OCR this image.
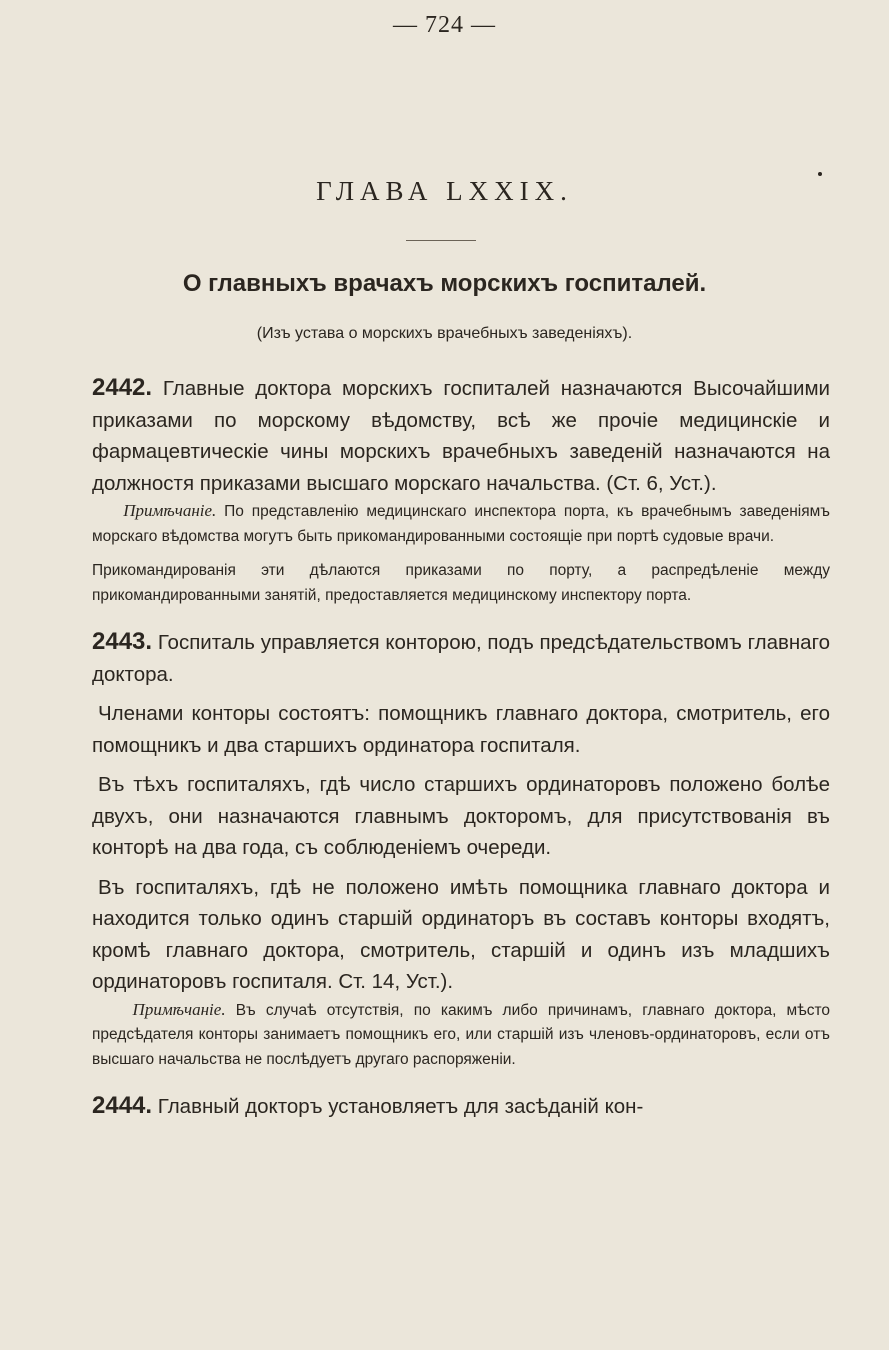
— 724 —
ГЛАВА LXXIX.
О главныхъ врачахъ морскихъ госпиталей.
(Изъ устава о морскихъ врачебныхъ заведеніяхъ).

2442. Главные доктора морскихъ госпиталей назначаются Высочайшими приказами по морскому вѣдомству, всѣ же прочіе медицинскіе и фармацевтическіе чины морскихъ врачебныхъ заведеній назначаются на должностя приказами высшаго морскаго начальства. (Ст. 6, Уст.).

Примѣчаніе. По представленію медицинскаго инспектора порта, къ врачебнымъ заведеніямъ морскаго вѣдомства могутъ быть прикомандированными состоящіе при портѣ судовые врачи.

Прикомандированія эти дѣлаются приказами по порту, а распредѣленіе между прикомандированными занятій, предоставляется медицинскому инспектору порта.

2443. Госпиталь управляется конторою, подъ предсѣдательствомъ главнаго доктора.

Членами конторы состоятъ: помощникъ главнаго доктора, смотритель, его помощникъ и два старшихъ ординатора госпиталя.

Въ тѣхъ госпиталяхъ, гдѣ число старшихъ ординаторовъ положено болѣе двухъ, они назначаются главнымъ докторомъ, для присутствованія въ конторѣ на два года, съ соблюденіемъ очереди.

Въ госпиталяхъ, гдѣ не положено имѣть помощника главнаго доктора и находится только одинъ старшій ординаторъ въ составъ конторы входятъ, кромѣ главнаго доктора, смотритель, старшій и одинъ изъ младшихъ ординаторовъ госпиталя. Ст. 14, Уст.).

Примѣчаніе. Въ случаѣ отсутствія, по какимъ либо причинамъ, главнаго доктора, мѣсто предсѣдателя конторы занимаетъ помощникъ его, или старшій изъ членовъ-ординаторовъ, если отъ высшаго начальства не послѣдуетъ другаго распоряженіи.

2444. Главный докторъ установляетъ для засѣданій кон-
